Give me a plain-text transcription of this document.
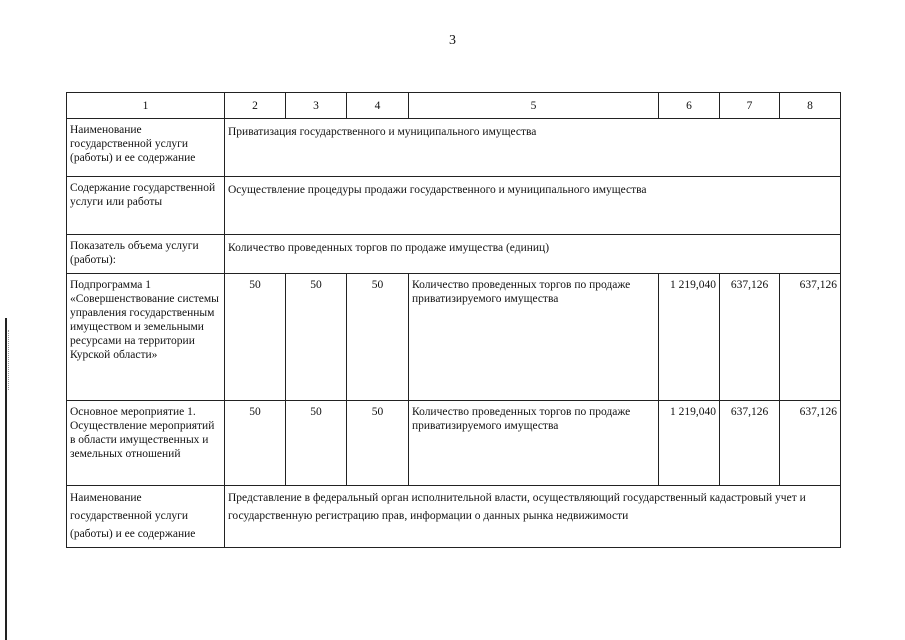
3
1	2	3	4	5	6	7	8
Наименование государственной услуги (работы) и ее содержание	Приватизация государственного и муниципального имущества						
Содержание государственной услуги или работы	Осуществление процедуры продажи государственного и муниципального имущества						
Показатель объема услуги (работы):	Количество проведенных торгов по продаже имущества (единиц)						
Подпрограмма 1 «Совершенствование системы управления государственным имуществом и земельными ресурсами на территории Курской области»	50	50	50	Количество проведенных торгов по продаже приватизируемого имущества	1 219,040	637,126	637,126
Основное мероприятие 1. Осуществление мероприятий в области имущественных и земельных отношений	50	50	50	Количество проведенных торгов по продаже приватизируемого имущества	1 219,040	637,126	637,126
Наименование государственной услуги (работы) и ее содержание	Представление в федеральный орган исполнительной власти, осуществляющий государственный кадастровый учет и государственную регистрацию прав, информации о данных рынка недвижимости						
